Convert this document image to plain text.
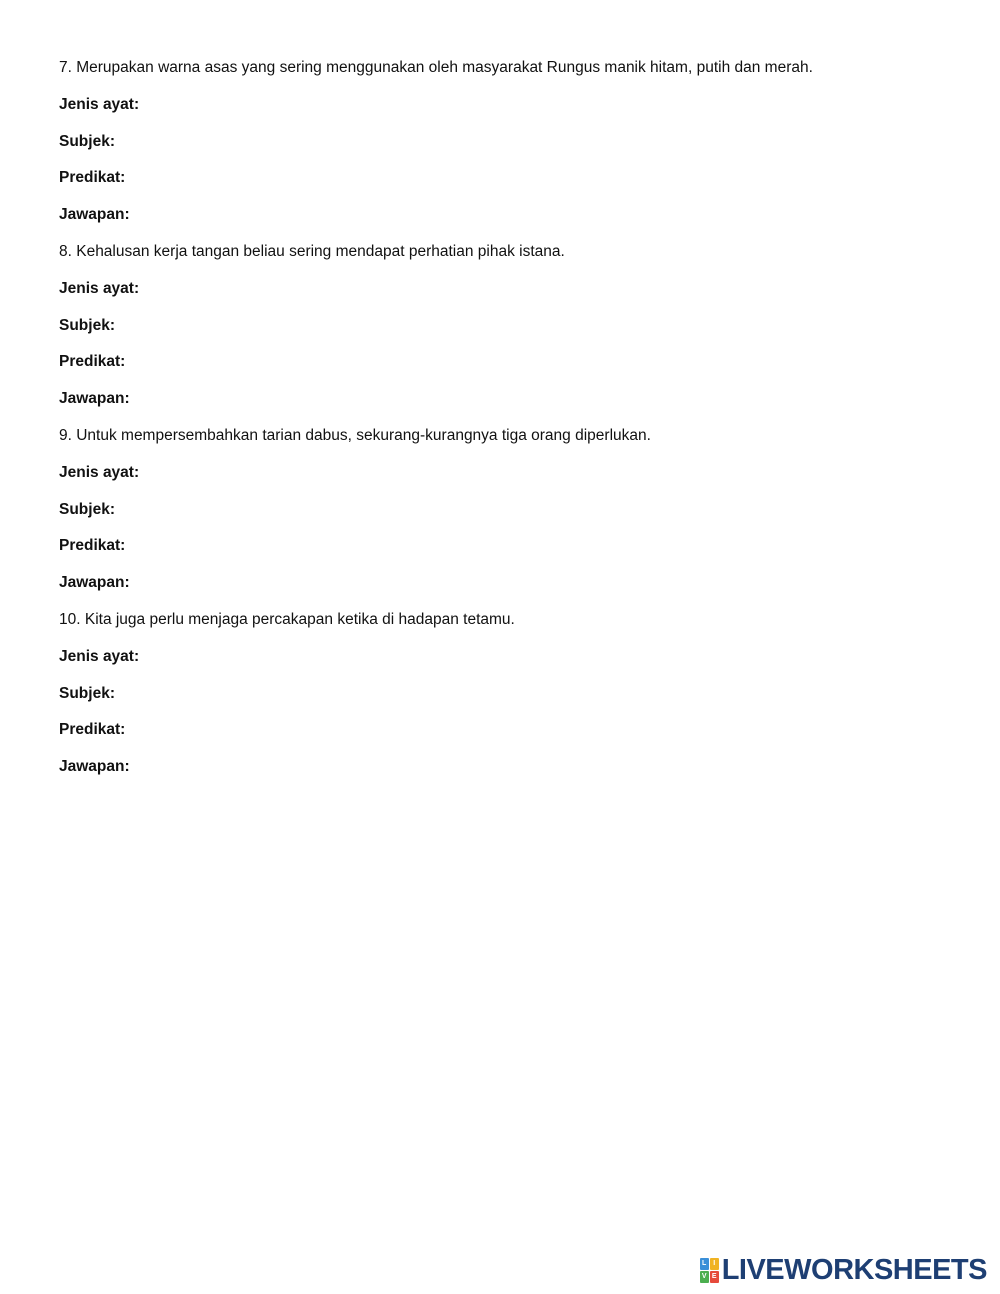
7. Merupakan warna asas yang sering menggunakan oleh masyarakat Rungus manik hitam, putih dan merah.
Jenis ayat:
Subjek:
Predikat:
Jawapan:
8. Kehalusan kerja tangan beliau sering mendapat perhatian pihak istana.
Jenis ayat:
Subjek:
Predikat:
Jawapan:
9. Untuk mempersembahkan tarian dabus, sekurang-kurangnya tiga orang diperlukan.
Jenis ayat:
Subjek:
Predikat:
Jawapan:
10. Kita juga perlu menjaga percakapan ketika di hadapan tetamu.
Jenis ayat:
Subjek:
Predikat:
Jawapan:
L I
V E LIVEWORKSHEETS
